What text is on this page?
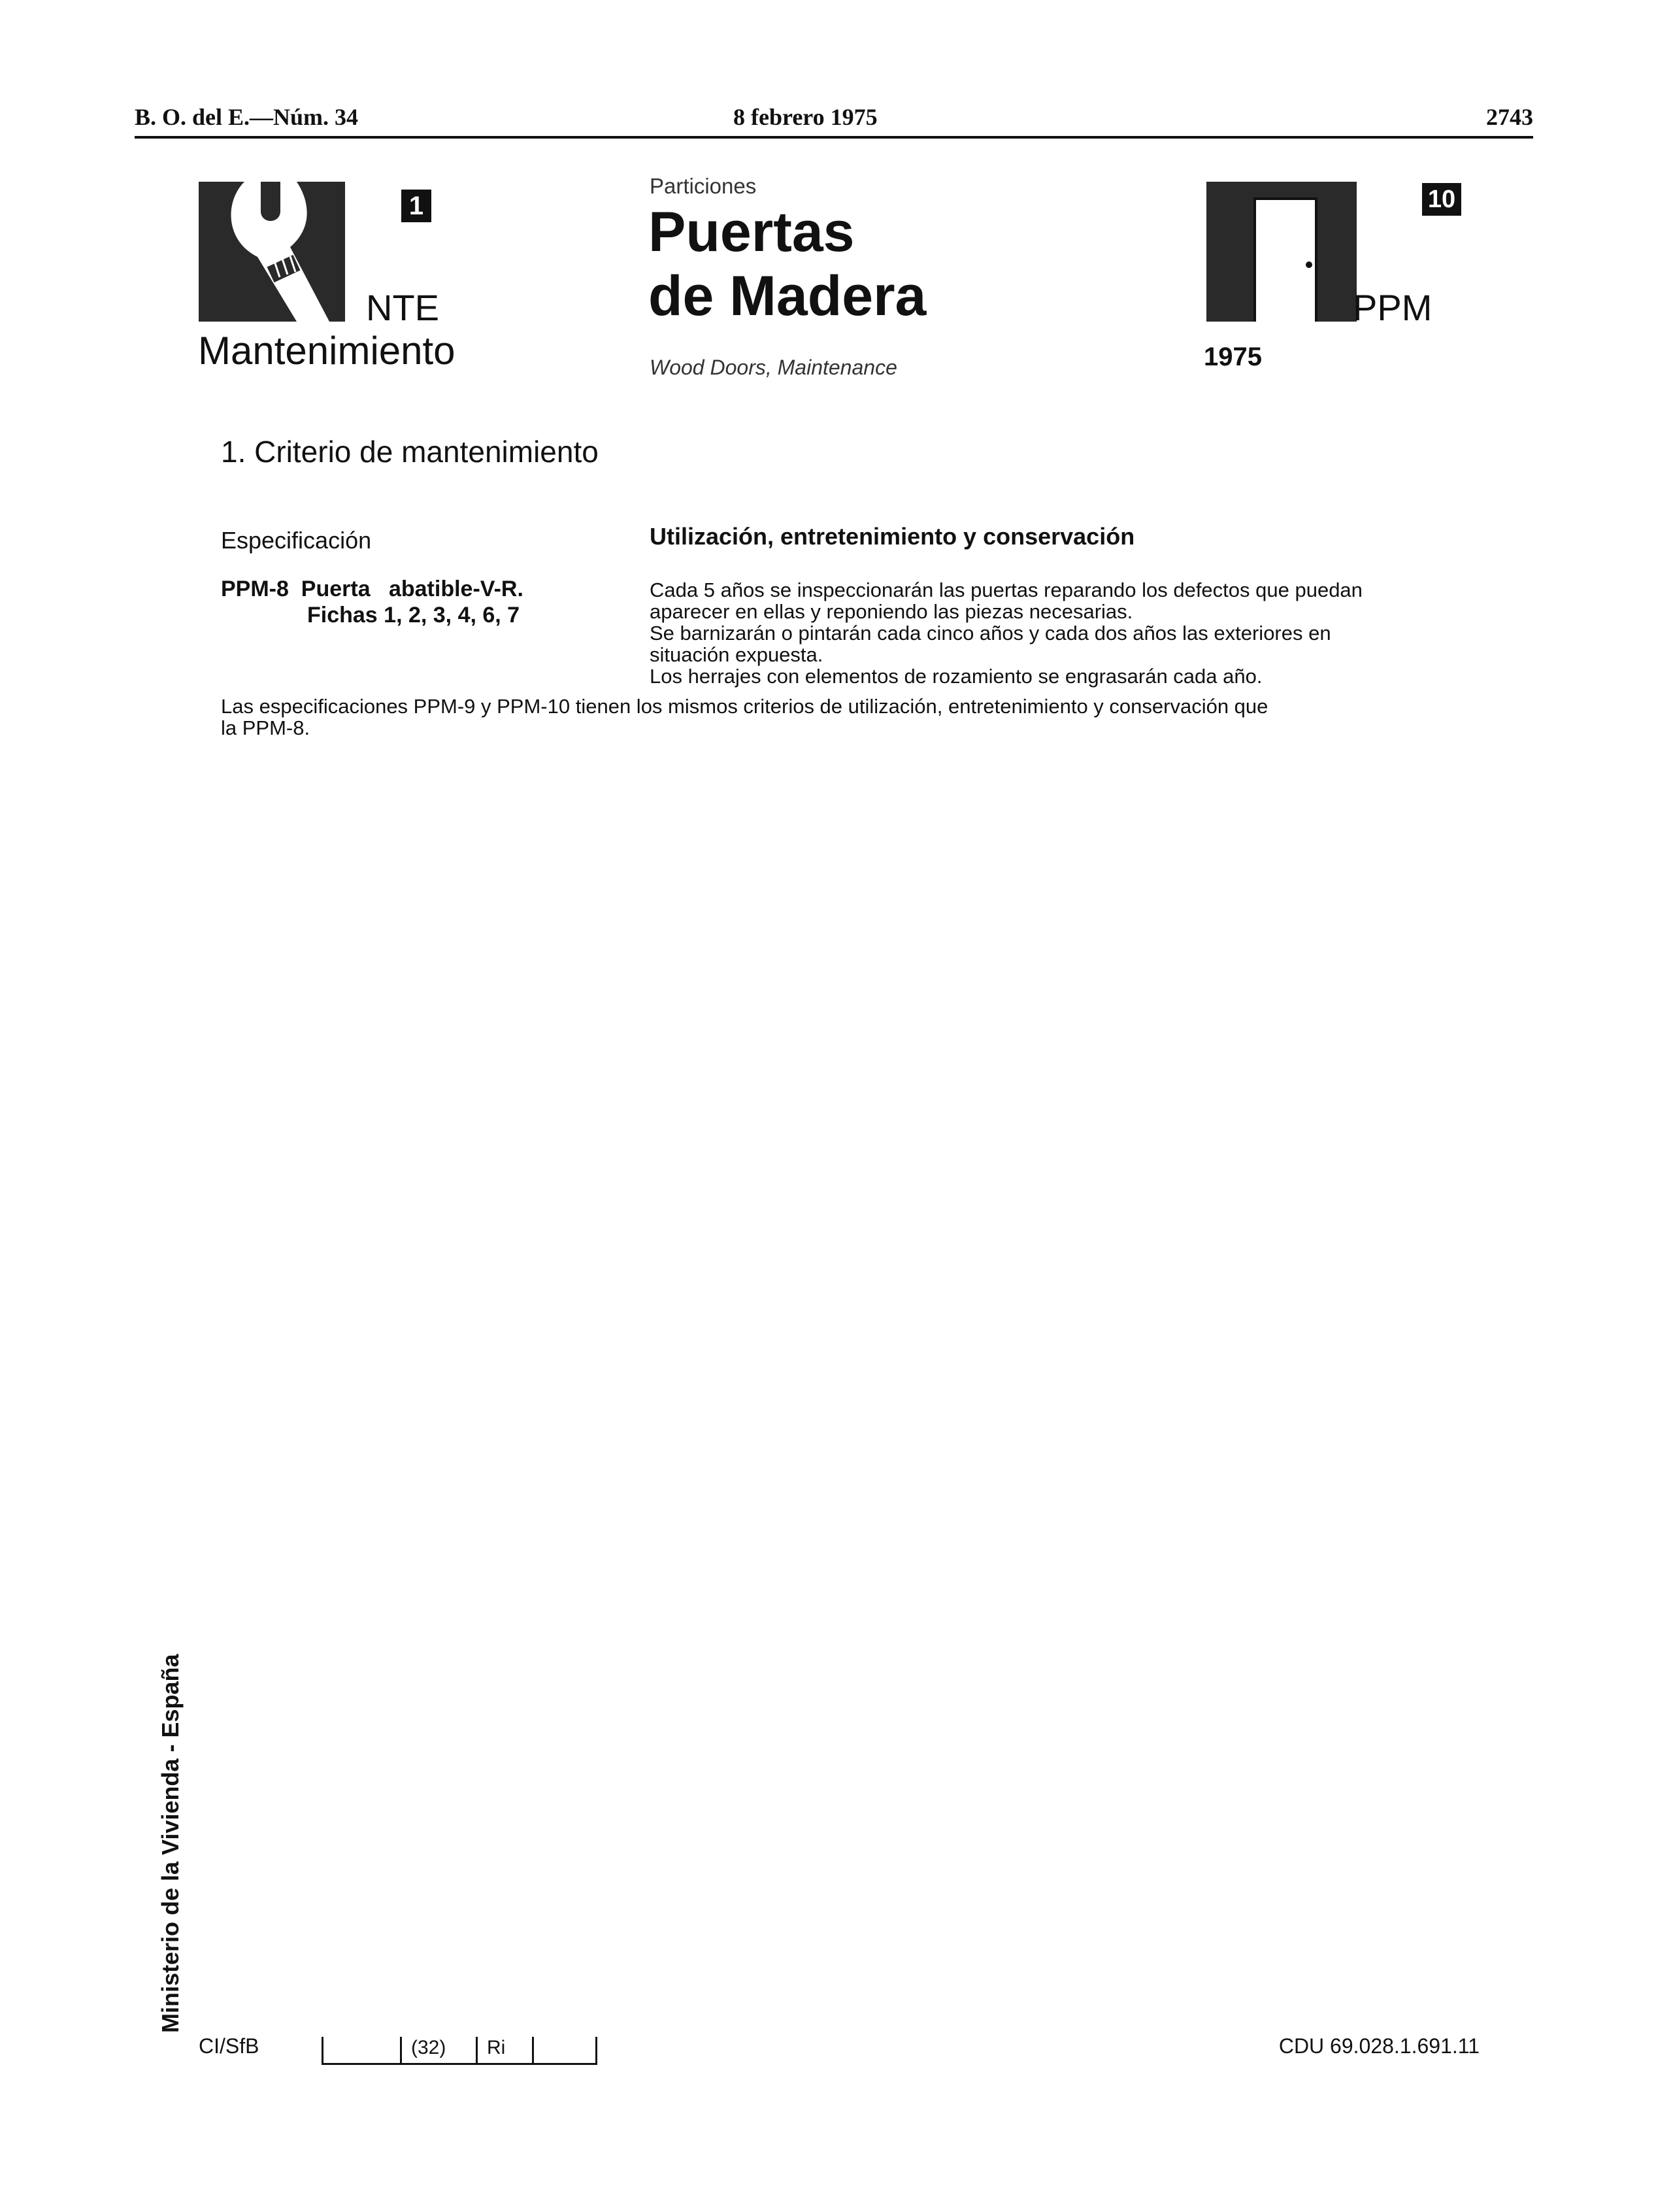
B. O. del E.—Núm. 34	8 febrero 1975	2743
1
NTE
Mantenimiento
Particiones
Puertas
de Madera
Wood Doors, Maintenance
10
PPM
1975
1. Criterio de mantenimiento
Especificación	Utilización, entretenimiento y conservación
PPM-8  Puerta   abatible-V-R.
Fichas 1, 2, 3, 4, 6, 7
Cada 5 años se inspeccionarán las puertas reparando los defectos que puedan
aparecer en ellas y reponiendo las piezas necesarias.
Se barnizarán o pintarán cada cinco años y cada dos años las exteriores en
situación expuesta.
Los herrajes con elementos de rozamiento se engrasarán cada año.
Las especificaciones PPM-9 y PPM-10 tienen los mismos criterios de utilización, entretenimiento y conservación que
la PPM-8.
Ministerio de la Vivienda - España
CI/SfB	(32) Ri	CDU 69.028.1.691.11
